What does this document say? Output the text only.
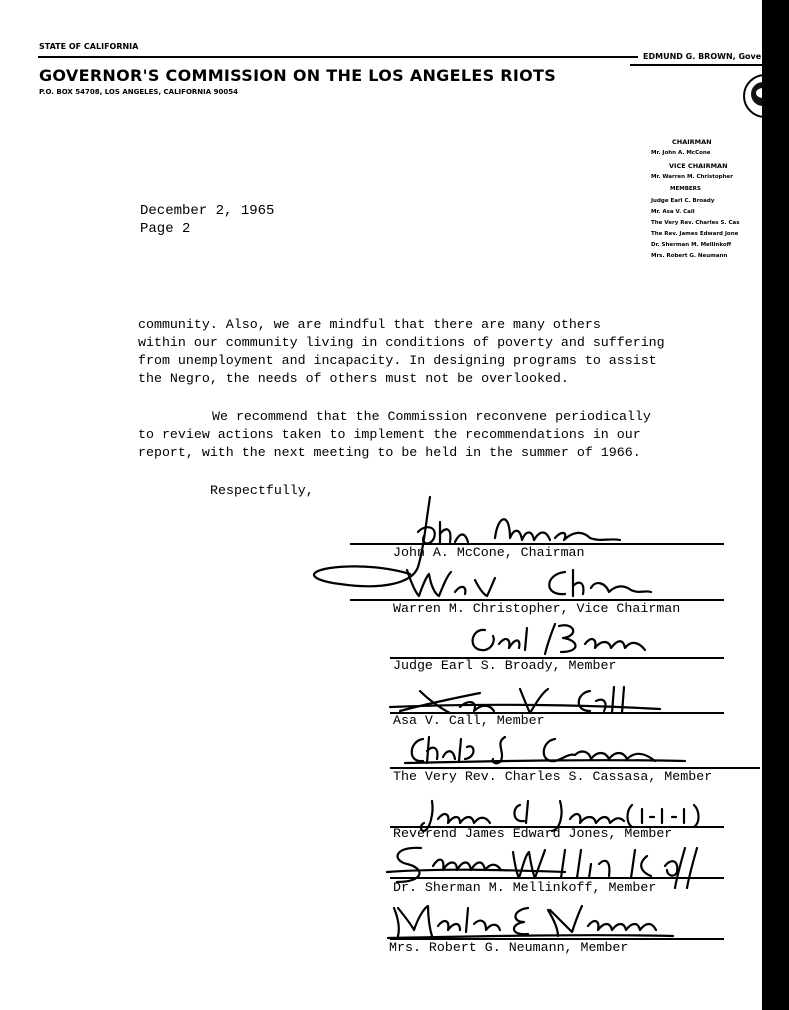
STATE OF CALIFORNIA
EDMUND G. BROWN, Gove
GOVERNOR'S COMMISSION ON THE LOS ANGELES RIOTS
P.O. BOX 54708, LOS ANGELES, CALIFORNIA 90054
CHAIRMAN
Mr. John A. McCone
VICE CHAIRMAN
Mr. Warren M. Christopher
MEMBERS
Judge Earl C. Broady
Mr. Asa V. Call
The Very Rev. Charles S. Cas
The Rev. James Edward Jone
Dr. Sherman M. Mellinkoff
Mrs. Robert G. Neumann
December 2, 1965
Page 2
community. Also, we are mindful that there are many others
within our community living in conditions of poverty and suffering
from unemployment and incapacity. In designing programs to assist
the Negro, the needs of others must not be overlooked.
We recommend that the Commission reconvene periodically
to review actions taken to implement the recommendations in our
report, with the next meeting to be held in the summer of 1966.
Respectfully,
John A. McCone, Chairman
Warren M. Christopher, Vice Chairman
Judge Earl S. Broady, Member
Asa V. Call, Member
The Very Rev. Charles S. Cassasa, Member
Reverend James Edward Jones, Member
Dr. Sherman M. Mellinkoff, Member
Mrs. Robert G. Neumann, Member
